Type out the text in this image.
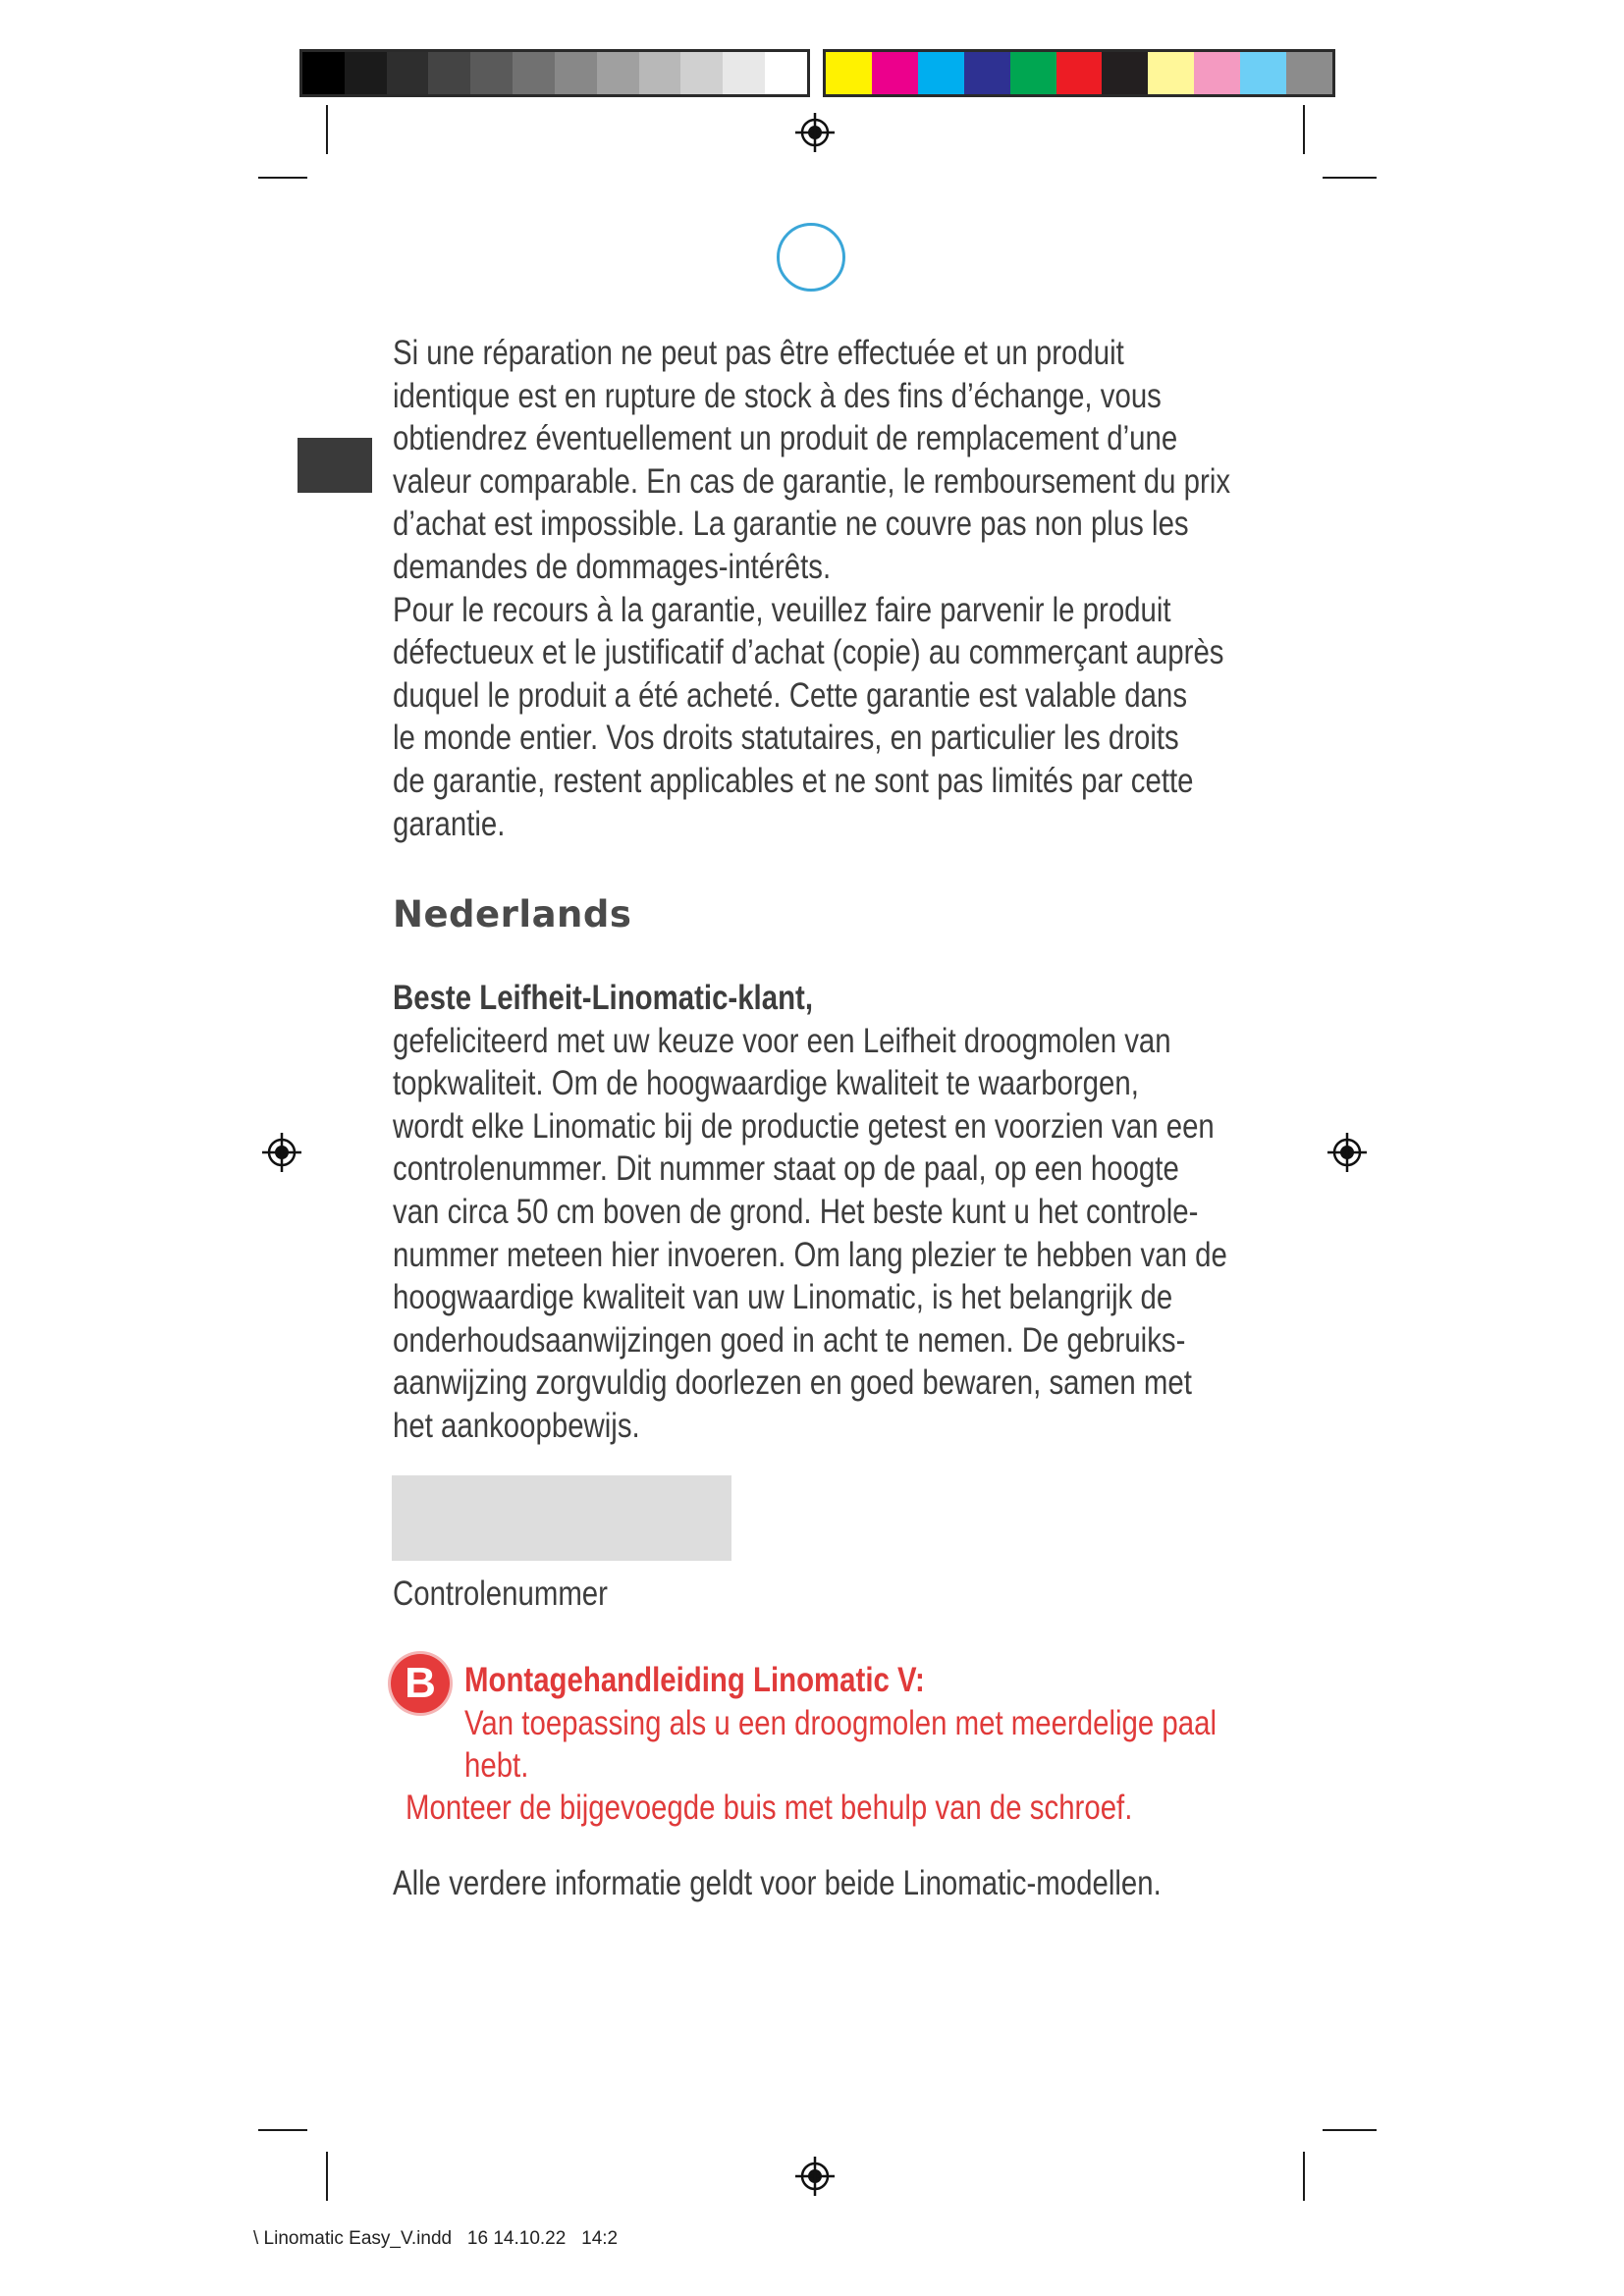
Si une réparation ne peut pas être effectuée et un produit
identique est en rupture de stock à des fins d’échange, vous
obtiendrez éventuellement un produit de remplacement d’une
valeur comparable. En cas de garantie, le remboursement du prix
d’achat est impossible. La garantie ne couvre pas non plus les
demandes de dommages-intérêts.
Pour le recours à la garantie, veuillez faire parvenir le produit
défectueux et le justificatif d’achat (copie) au commerçant auprès
duquel le produit a été acheté. Cette garantie est valable dans
le monde entier. Vos droits statutaires, en particulier les droits
de garantie, restent applicables et ne sont pas limités par cette
garantie.
Nederlands
Beste Leifheit-Linomatic-klant,
gefeliciteerd met uw keuze voor een Leifheit droogmolen van
topkwaliteit. Om de hoogwaardige kwaliteit te waarborgen,
wordt elke Linomatic bij de productie getest en voorzien van een
controlenummer. Dit nummer staat op de paal, op een hoogte
van circa 50 cm boven de grond. Het beste kunt u het controle-
nummer meteen hier invoeren. Om lang plezier te hebben van de
hoogwaardige kwaliteit van uw Linomatic, is het belangrijk de
onderhoudsaanwijzingen goed in acht te nemen. De gebruiks-
aanwijzing zorgvuldig doorlezen en goed bewaren, samen met
het aankoopbewijs.
Controlenummer
B Montagehandleiding Linomatic V:
Van toepassing als u een droogmolen met meerdelige paal
hebt.
Monteer de bijgevoegde buis met behulp van de schroef.
Alle verdere informatie geldt voor beide Linomatic-modellen.
\ Linomatic Easy_V.indd   16 14.10.22   14:2
